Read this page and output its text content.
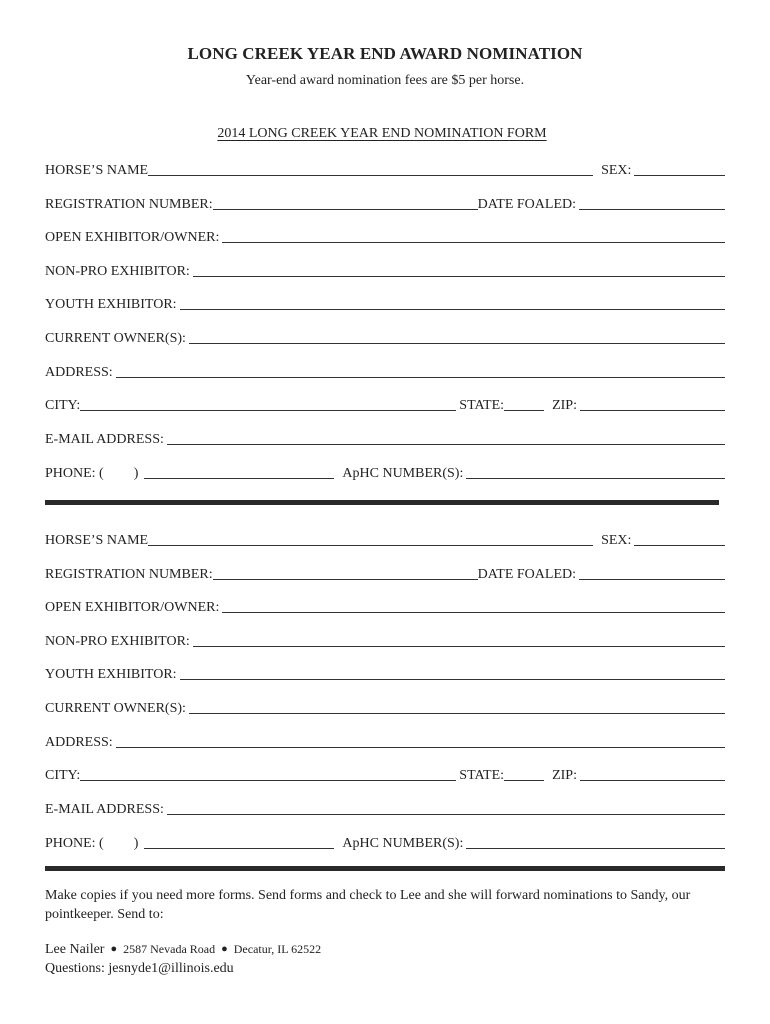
LONG CREEK YEAR END AWARD NOMINATION
Year-end award nomination fees are $5 per horse.
2014 LONG CREEK YEAR END NOMINATION FORM
HORSE’S NAME	SEX:
REGISTRATION NUMBER:	DATE FOALED:
OPEN EXHIBITOR/OWNER:
NON-PRO EXHIBITOR:
YOUTH EXHIBITOR:
CURRENT OWNER(S):
ADDRESS:
CITY:	STATE:	ZIP:
E-MAIL ADDRESS:
PHONE: ( )	ApHC NUMBER(S):
HORSE’S NAME	SEX:
REGISTRATION NUMBER:	DATE FOALED:
OPEN EXHIBITOR/OWNER:
NON-PRO EXHIBITOR:
YOUTH EXHIBITOR:
CURRENT OWNER(S):
ADDRESS:
CITY:	STATE:	ZIP:
E-MAIL ADDRESS:
PHONE: ( )	ApHC NUMBER(S):
Make copies if you need more forms. Send forms and check to Lee and she will forward nominations to Sandy, our pointkeeper. Send to:
Lee Nailer ● 2587 Nevada Road ● Decatur, IL 62522
Questions: jesnyde1@illinois.edu
